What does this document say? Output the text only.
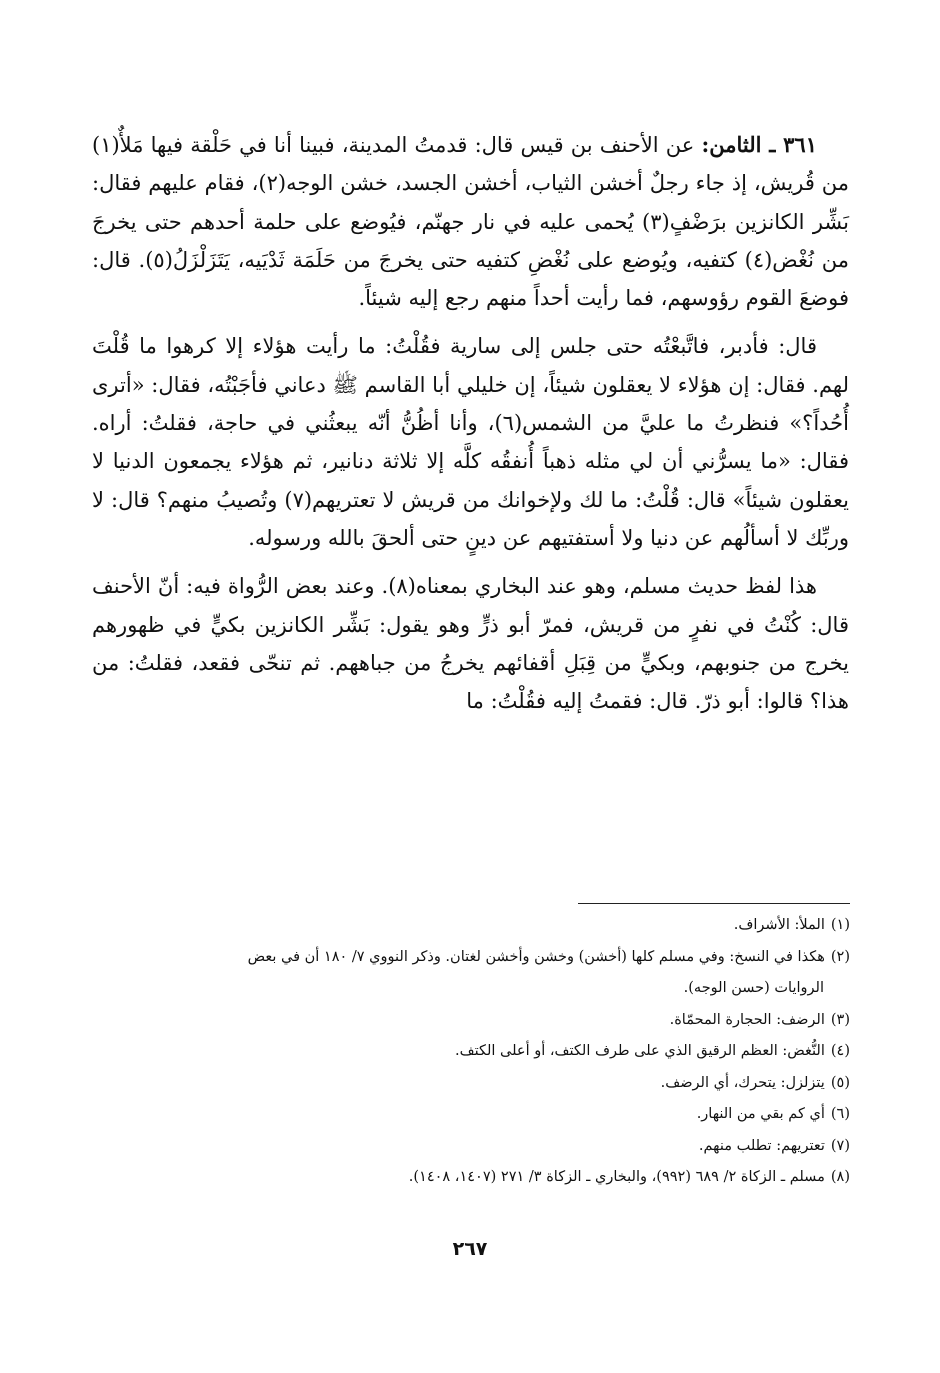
٣٦١ ـ الثامن: عن الأحنف بن قيس قال: قدمتُ المدينة، فبينا أنا في حَلْقة فيها مَلأٌ(١) من قُريش، إذ جاء رجلٌ أخشن الثياب، أخشن الجسد، خشن الوجه(٢)، فقام عليهم فقال: بَشِّر الكانزين برَضْفٍ(٣) يُحمى عليه في نار جهنّم، فيُوضع على حلمة أحدهم حتى يخرجَ من نُغْض(٤) كتفيه، ويُوضع على نُغْضِ كتفيه حتى يخرجَ من حَلَمَة ثَدْيَيه، يَتَزَلْزَلُ(٥). قال: فوضعَ القوم رؤوسهم، فما رأيت أحداً منهم رجع إليه شيئاً.

قال: فأدبر، فاتَّبعْتُه حتى جلس إلى سارية فقُلْتُ: ما رأيت هؤلاء إلا كرهوا ما قُلْتَ لهم. فقال: إن هؤلاء لا يعقلون شيئاً، إن خليلي أبا القاسم ﷺ دعاني فأجَبْتُه، فقال: «أترى أُحُداً؟» فنظرتُ ما عليَّ من الشمس(٦)، وأنا أظُنُّ أنّه يبعثُني في حاجة، فقلتُ: أراه. فقال: «ما يسرُّني أن لي مثله ذهباً أُنفقُه كلَّه إلا ثلاثة دنانير، ثم هؤلاء يجمعون الدنيا لا يعقلون شيئاً» قال: قُلْتُ: ما لك ولإخوانك من قريش لا تعتريهم(٧) وتُصيبُ منهم؟ قال: لا وربِّك لا أسألُهم عن دنيا ولا أستفتيهم عن دينٍ حتى ألحقَ بالله ورسوله.

هذا لفظ حديث مسلم، وهو عند البخاري بمعناه(٨). وعند بعض الرُّواة فيه: أنّ الأحنف قال: كُنْتُ في نفرٍ من قريش، فمرّ أبو ذرٍّ وهو يقول: بَشِّر الكانزين بكيٍّ في ظهورهم يخرج من جنوبهم، وبكيٍّ من قِبَلِ أقفائهم يخرجُ من جباههم. ثم تنحّى فقعد، فقلتُ: من هذا؟ قالوا: أبو ذرّ. قال: فقمتُ إليه فقُلْتُ: ما

(١)الملأ: الأشراف.
(٢)هكذا في النسخ: وفي مسلم كلها (أخشن) وخشن وأخشن لغتان. وذكر النووي ٧/ ١٨٠ أن في بعض
الروايات (حسن الوجه).
(٣)الرضف: الحجارة المحمّاة.
(٤)النُّغض: العظم الرقيق الذي على طرف الكتف، أو أعلى الكتف.
(٥)يتزلزل: يتحرك، أي الرضف.
(٦)أي كم بقي من النهار.
(٧)تعتريهم: تطلب منهم.
(٨)مسلم ـ الزكاة ٢/ ٦٨٩ (٩٩٢)، والبخاري ـ الزكاة ٣/ ٢٧١ (١٤٠٧، ١٤٠٨).
٢٦٧
